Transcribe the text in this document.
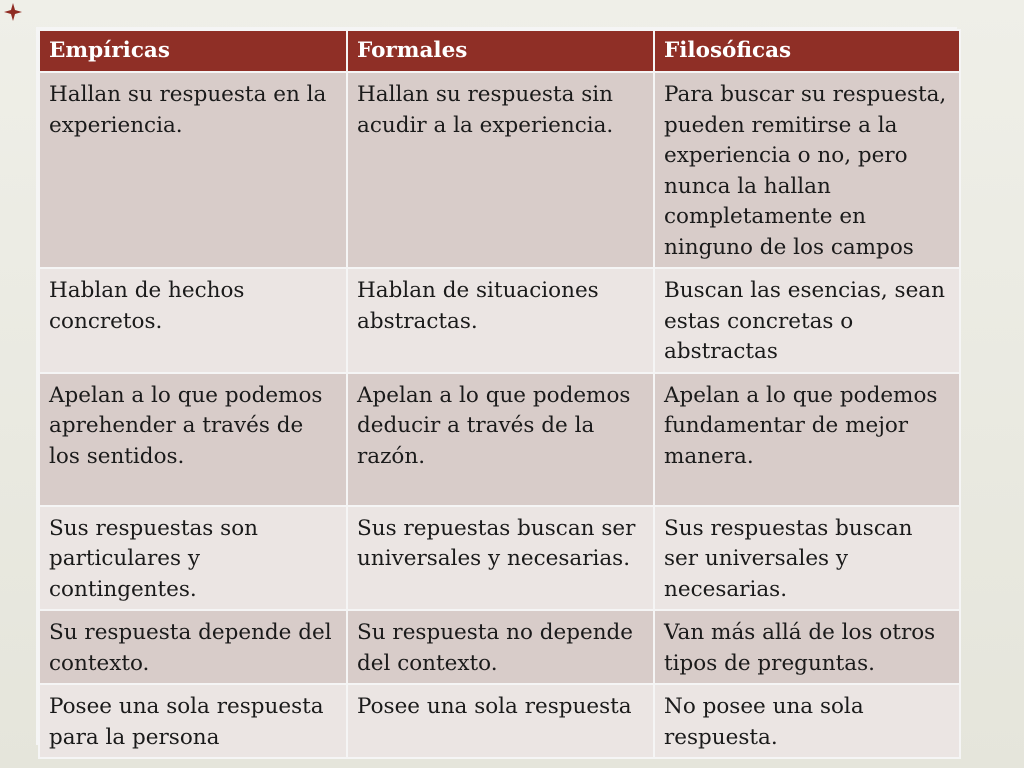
Empíricas	Formales	Filosóficas
Hallan su respuesta en la experiencia.	Hallan su respuesta sin acudir a la experiencia.	Para buscar su respuesta, pueden remitirse a la experiencia o no, pero nunca la hallan completamente en ninguno de los campos
Hablan de hechos concretos.	Hablan de situaciones abstractas.	Buscan las esencias, sean estas concretas o abstractas
Apelan a lo que podemos aprehender a través de los sentidos.	Apelan a lo que podemos deducir a través de la razón.	Apelan a lo que podemos fundamentar de mejor manera.
Sus respuestas son particulares y contingentes.	Sus repuestas buscan ser universales y necesarias.	Sus respuestas buscan ser universales y necesarias.
Su respuesta depende del contexto.	Su respuesta no depende del contexto.	Van más allá de los otros tipos de preguntas.
Posee una sola respuesta para la persona	Posee una sola respuesta	No posee una sola respuesta.
